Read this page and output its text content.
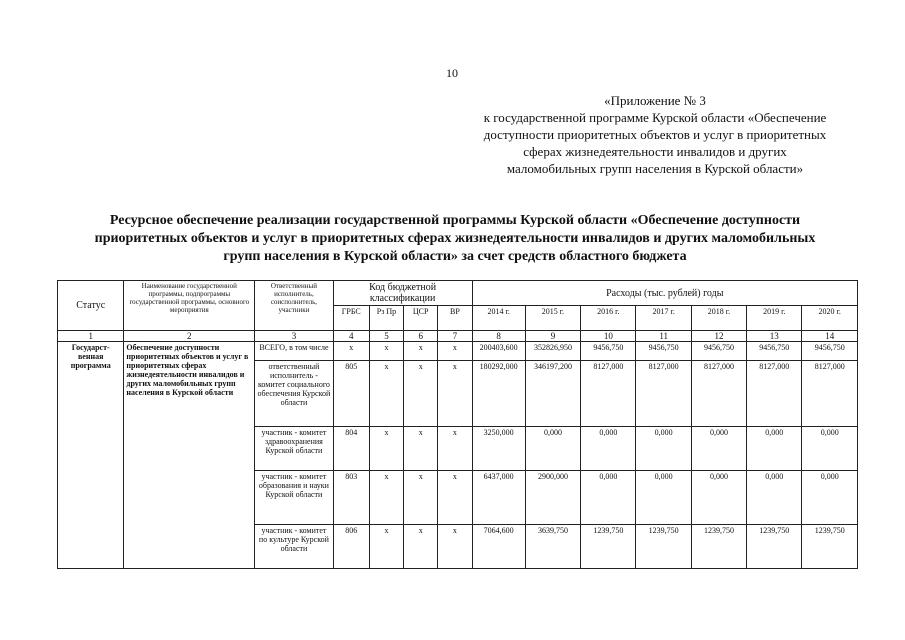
10
«Приложение № 3
к государственной программе Курской области «Обеспечение
доступности приоритетных объектов и услуг в приоритетных
сферах жизнедеятельности инвалидов и других
маломобильных групп населения в Курской области»
Ресурсное обеспечение реализации государственной программы Курской области «Обеспечение доступности
приоритетных объектов и услуг в приоритетных сферах жизнедеятельности инвалидов и других маломобильных
групп населения в Курской области» за счет средств областного бюджета
Статус	Наименование государственной программы, подпрограммы государственной программы, основного мероприятия	Ответственный исполнитель, соисполнитель, участники	Код бюджетной классификации				Расходы (тыс. рублей) годы						
			ГРБС	Рз Пр	ЦСР	ВР	2014 г.	2015 г.	2016 г.	2017 г.	2018 г.	2019 г.	2020 г.
1	2	3	4	5	6	7	8	9	10	11	12	13	14
Государст-венная программа	Обеспечение доступности приоритетных объектов и услуг в приоритетных сферах жизнедеятельности инвалидов и других маломобильных групп населения в Курской области	ВСЕГО, в том числе	х	х	х	х	200403,600	352826,950	9456,750	9456,750	9456,750	9456,750	9456,750
		ответственный исполнитель - комитет социального обеспечения Курской области	805	х	х	х	180292,000	346197,200	8127,000	8127,000	8127,000	8127,000	8127,000
		участник - комитет здравоохранения Курской области	804	х	х	х	3250,000	0,000	0,000	0,000	0,000	0,000	0,000
		участник - комитет образования и науки Курской области	803	х	х	х	6437,000	2900,000	0,000	0,000	0,000	0,000	0,000
		участник - комитет по культуре Курской области	806	х	х	х	7064,600	3639,750	1239,750	1239,750	1239,750	1239,750	1239,750
